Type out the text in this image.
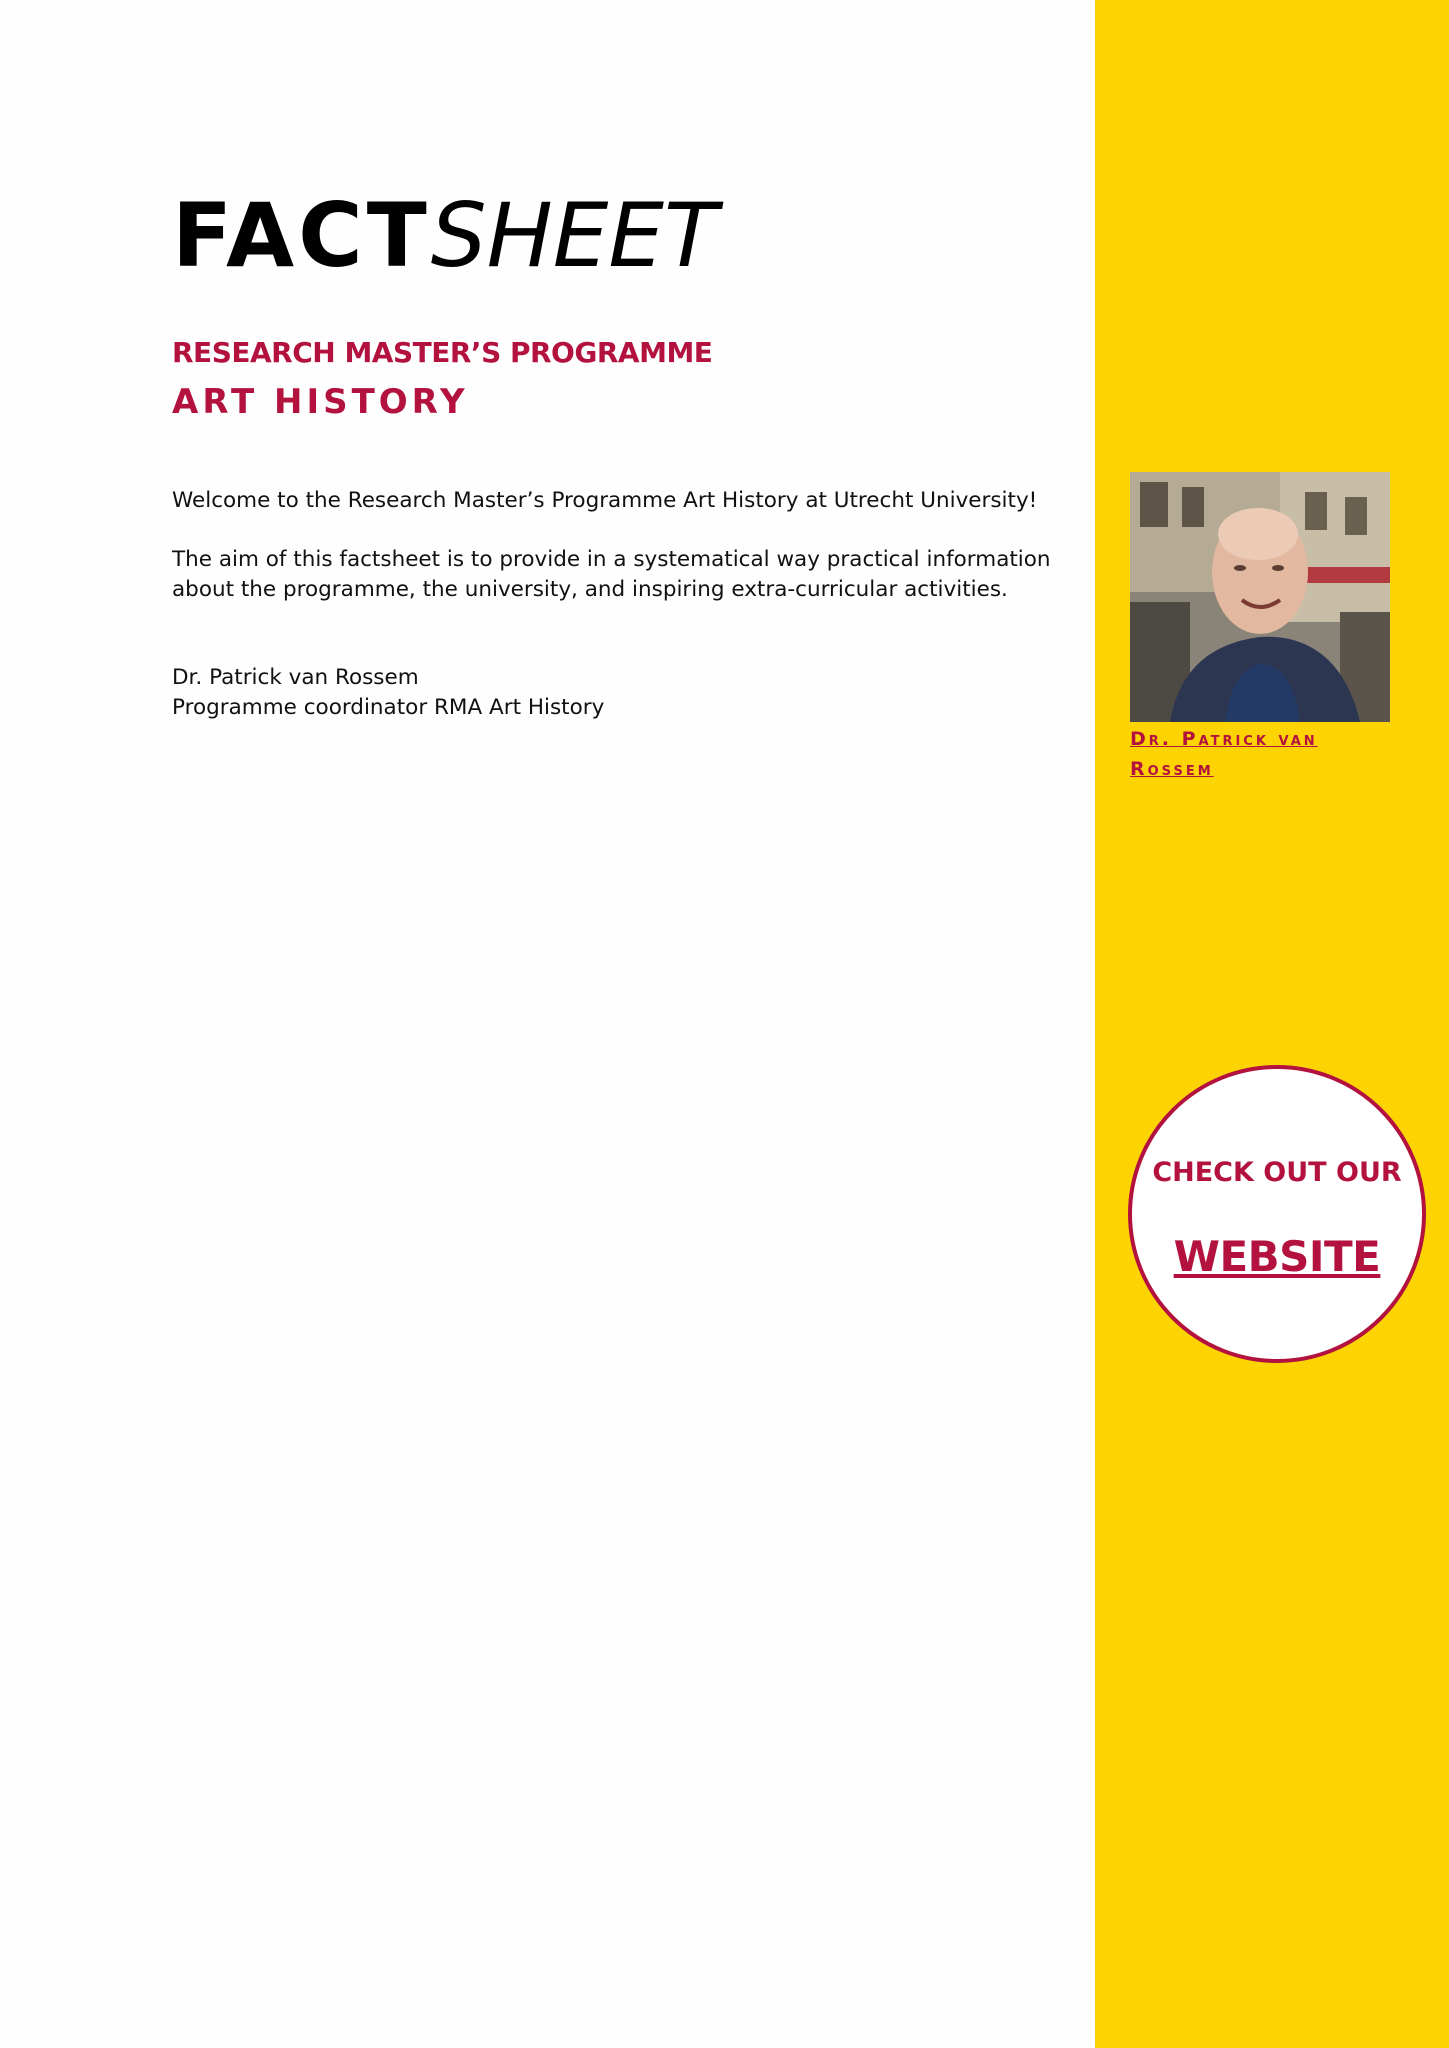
FACTSHEET
RESEARCH MASTER’S PROGRAMME
ART HISTORY
Welcome to the Research Master’s Programme Art History at Utrecht University!
The aim of this factsheet is to provide in a systematical way practical information about the programme, the university, and inspiring extra-curricular activities.
Dr. Patrick van Rossem
Programme coordinator RMA Art History
Dr. Patrick van Rossem
CHECK OUT OUR
WEBSITE
